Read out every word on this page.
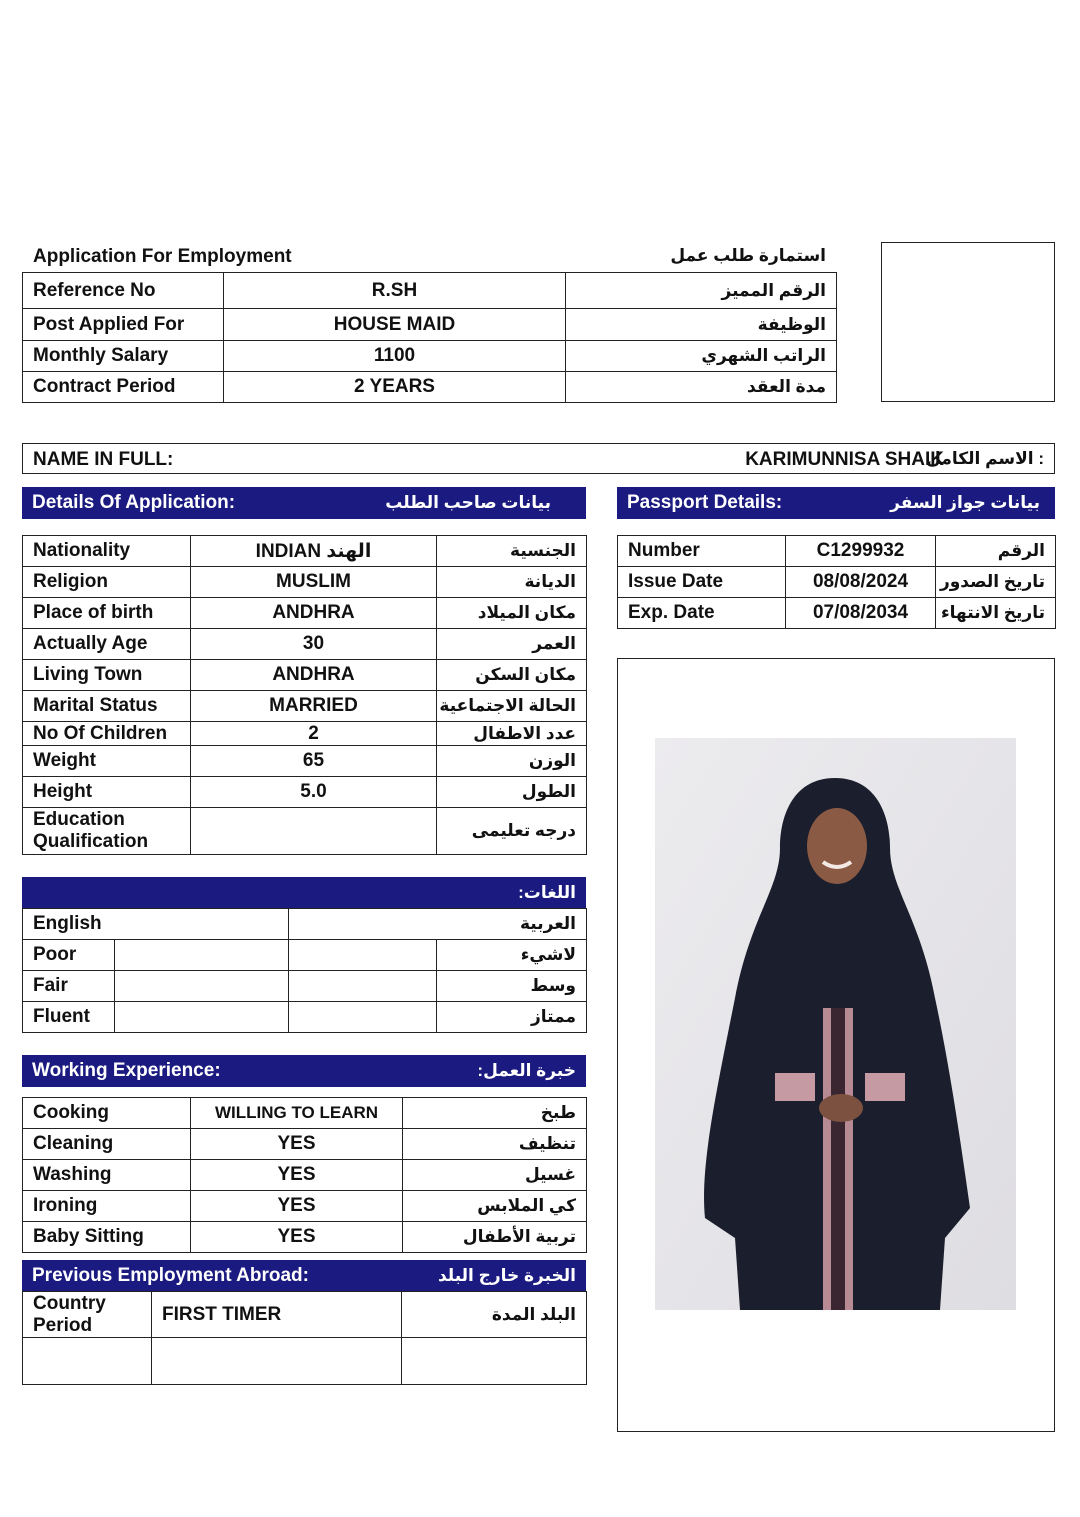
Application For Employment	استمارة طلب عمل
Reference No	R.SH	الرقم المميز
Post Applied For	HOUSE MAID	الوظيفة
Monthly Salary	1100	الراتب الشهري
Contract Period	2 YEARS	مدة العقد
NAME IN FULL:	: الاسم الكامل
KARIMUNNISA SHAIK
Details Of Application:	بيانات صاحب الطلب	Passport Details:	بيانات جواز السفر
Nationality	INDIAN الهند	الجنسية
Religion	MUSLIM	الديانة
Place of birth	ANDHRA	مكان الميلاد
Actually Age	30	العمر
Living Town	ANDHRA	مكان السكن
Marital Status	MARRIED	الحالة الاجتماعية
No Of Children	2	عدد الاطفال
Weight	65	الوزن
Height	5.0	الطول

Education
Qualification		درجه تعليمى
Number	C1299932	الرقم
Issue Date	08/08/2024	تاريخ الصدور
Exp. Date	07/08/2034	تاريخ الانتهاء
اللغات:
English		العربية	
Poor			لاشيء
Fair			وسط
Fluent			ممتاز
Working Experience:	خبرة العمل:
Cooking	WILLING TO LEARN	طبخ
Cleaning	YES	تنظيف
Washing	YES	غسيل
Ironing	YES	كي الملابس
Baby Sitting	YES	تربية الأطفال
Previous Employment Abroad:	الخبرة خارج البلد
Country
Period	FIRST TIMER	البلد المدة
